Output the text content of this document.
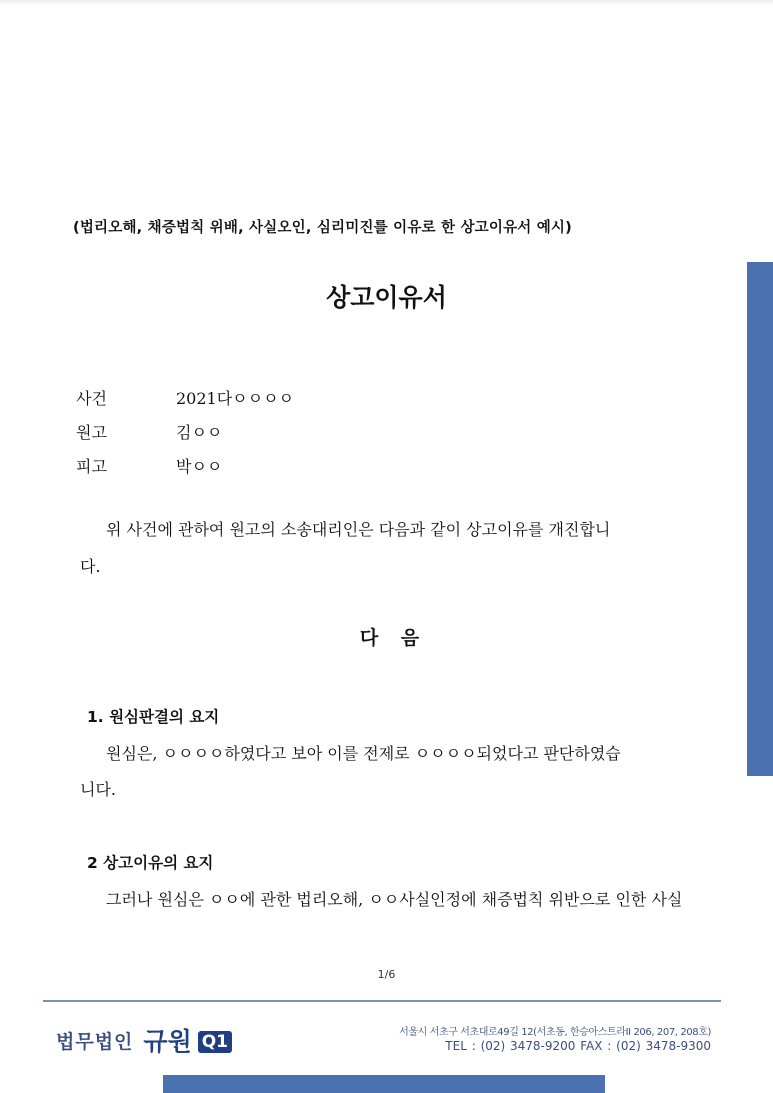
(법리오해, 채증법칙 위배, 사실오인, 심리미진를 이유로 한 상고이유서 예시)
상고이유서
사건	2021다ㅇㅇㅇㅇ
원고	김ㅇㅇ
피고	박ㅇㅇ
위 사건에 관하여 원고의 소송대리인은 다음과 같이 상고이유를 개진합니
다.
다 음
1. 원심판결의 요지
원심은, ㅇㅇㅇㅇ하였다고 보아 이를 전제로 ㅇㅇㅇㅇ되었다고 판단하였습
니다.
2 상고이유의 요지
그러나 원심은 ㅇㅇ에 관한 법리오해, ㅇㅇ사실인정에 채증법칙 위반으로 인한 사실
1/6
법무법인 규원 Q1	서울시 서초구 서초대로49길 12(서초동, 한승아스트라II 206, 207, 208호)
TEL : (02) 3478-9200 FAX : (02) 3478-9300
